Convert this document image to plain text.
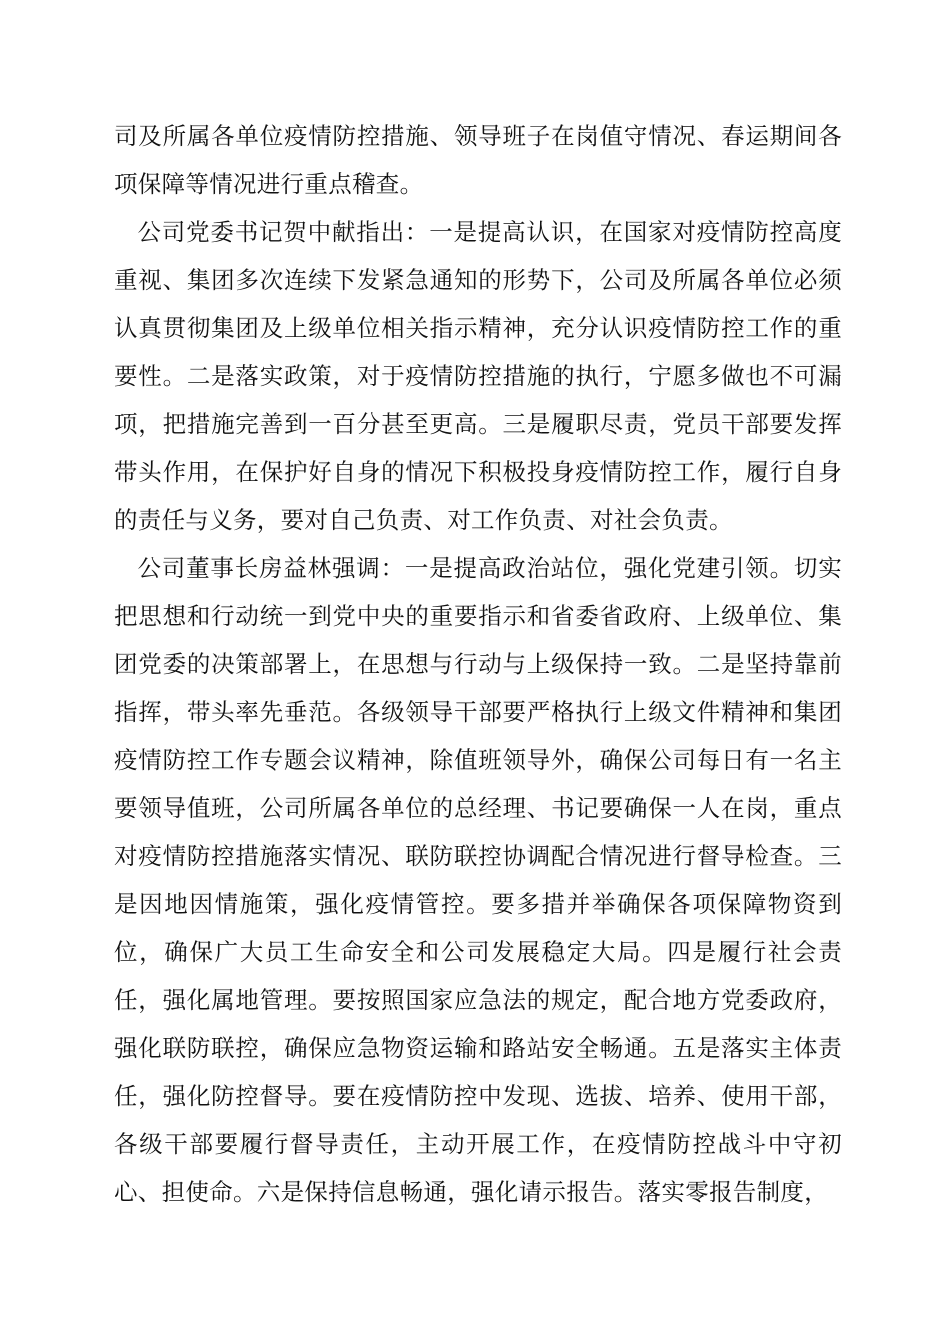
司及所属各单位疫情防控措施、领导班子在岗值守情况、春运期间各项保障等情况进行重点稽查。

公司党委书记贺中献指出：一是提高认识，在国家对疫情防控高度重视、集团多次连续下发紧急通知的形势下，公司及所属各单位必须认真贯彻集团及上级单位相关指示精神，充分认识疫情防控工作的重要性。二是落实政策，对于疫情防控措施的执行，宁愿多做也不可漏项，把措施完善到一百分甚至更高。三是履职尽责，党员干部要发挥带头作用，在保护好自身的情况下积极投身疫情防控工作，履行自身的责任与义务，要对自己负责、对工作负责、对社会负责。

公司董事长房益林强调：一是提高政治站位，强化党建引领。切实把思想和行动统一到党中央的重要指示和省委省政府、上级单位、集团党委的决策部署上，在思想与行动与上级保持一致。二是坚持靠前指挥，带头率先垂范。各级领导干部要严格执行上级文件精神和集团疫情防控工作专题会议精神，除值班领导外，确保公司每日有一名主要领导值班，公司所属各单位的总经理、书记要确保一人在岗，重点对疫情防控措施落实情况、联防联控协调配合情况进行督导检查。三是因地因情施策，强化疫情管控。要多措并举确保各项保障物资到位，确保广大员工生命安全和公司发展稳定大局。四是履行社会责任，强化属地管理。要按照国家应急法的规定，配合地方党委政府，强化联防联控，确保应急物资运输和路站安全畅通。五是落实主体责任，强化防控督导。要在疫情防控中发现、选拔、培养、使用干部，各级干部要履行督导责任，主动开展工作，在疫情防控战斗中守初心、担使命。六是保持信息畅通，强化请示报告。落实零报告制度，
